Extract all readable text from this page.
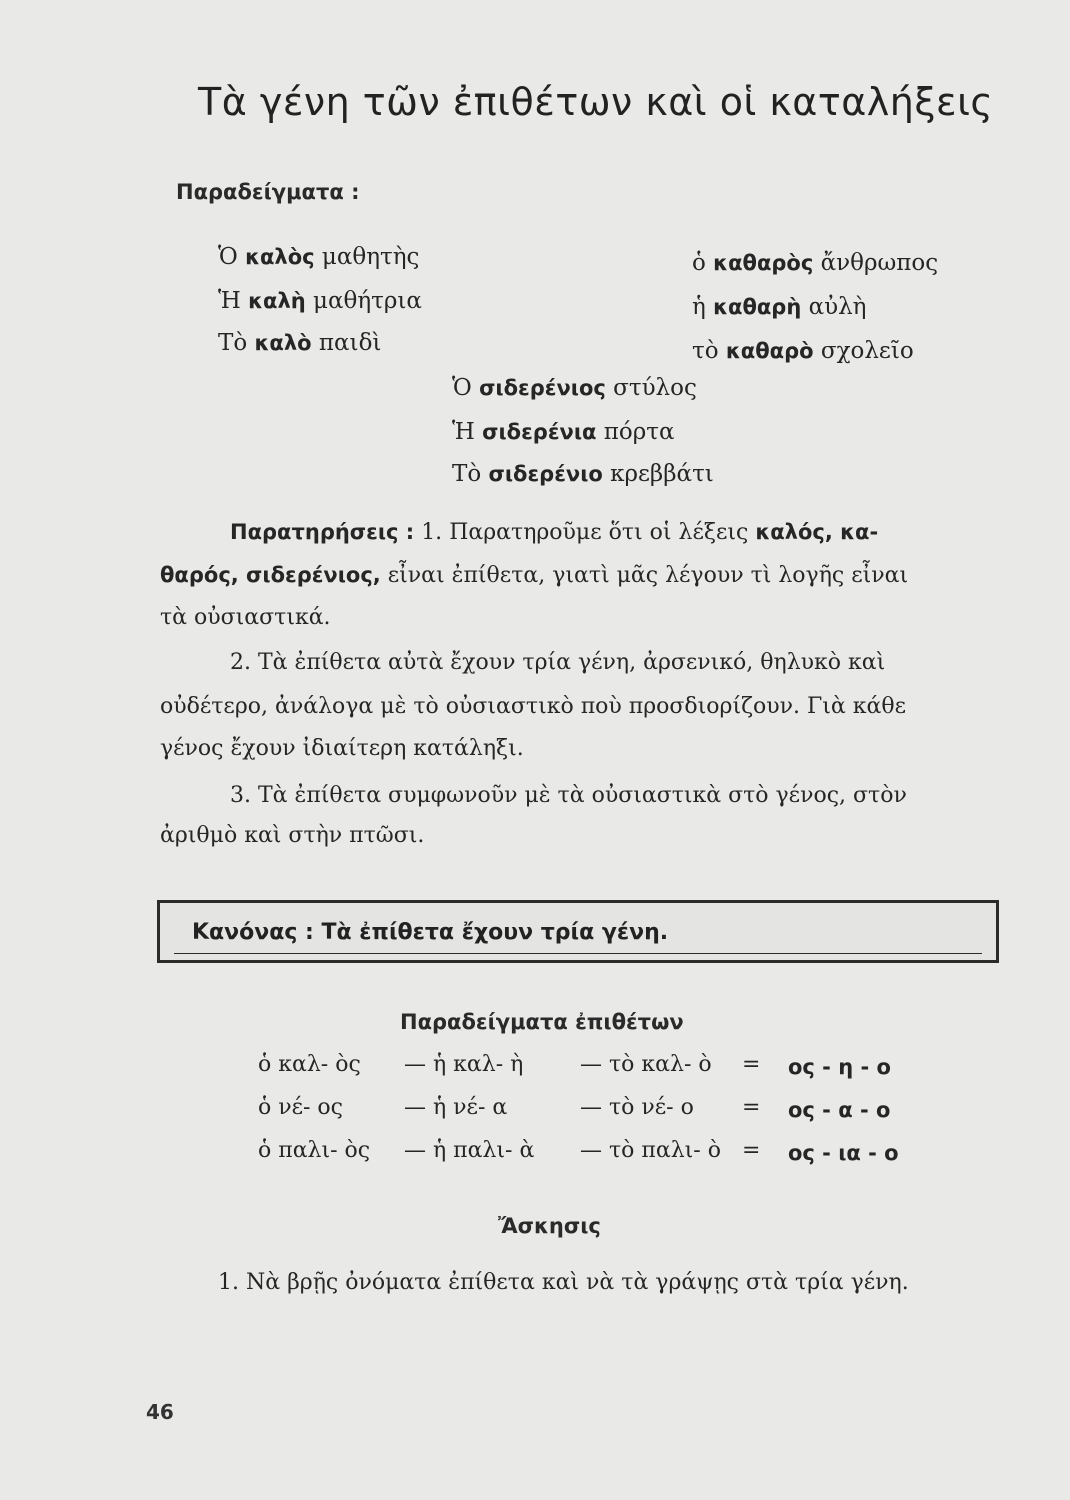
Τὰ γένη τῶν ἐπιθέτων καὶ οἱ καταλήξεις
Παραδείγματα :
Ὁ καλὸς μαθητὴς
Ἡ καλὴ μαθήτρια
Τὸ καλὸ παιδὶ
ὁ καθαρὸς ἄνθρωπος
ἡ καθαρὴ αὐλὴ
τὸ καθαρὸ σχολεῖο
Ὁ σιδερένιος στύλος
Ἡ σιδερένια πόρτα
Τὸ σιδερένιο κρεββάτι
Παρατηρήσεις : 1. Παρατηροῦμε ὅτι οἱ λέξεις καλός, κα-
θαρός, σιδερένιος, εἶναι ἐπίθετα, γιατὶ μᾶς λέγουν τὶ λογῆς εἶναι
τὰ οὐσιαστικά.
2. Τὰ ἐπίθετα αὐτὰ ἔχουν τρία γένη, ἀρσενικό, θηλυκὸ καὶ
οὐδέτερο, ἀνάλογα μὲ τὸ οὐσιαστικὸ ποὺ προσδιορίζουν. Γιὰ κάθε
γένος ἔχουν ἰδιαίτερη κατάληξι.
3. Τὰ ἐπίθετα συμφωνοῦν μὲ τὰ οὐσιαστικὰ στὸ γένος, στὸν
ἀριθμὸ καὶ στὴν πτῶσι.
Κανόνας : Τὰ ἐπίθετα ἔχουν τρία γένη.
Παραδείγματα ἐπιθέτων
ὁ καλ- ὸς — ἡ καλ- ὴ	— τὸ καλ- ὸ = ος - η - ο
ὁ νέ- ος	— ἡ νέ- α	— τὸ νέ- ο = ος - α - ο
ὁ παλι- ὸς — ἡ παλι- ὰ — τὸ παλι- ὸ = ος - ια - ο
Ἄσκησις
1. Νὰ βρῇς ὀνόματα ἐπίθετα καὶ νὰ τὰ γράψῃς στὰ τρία γένη.
46
